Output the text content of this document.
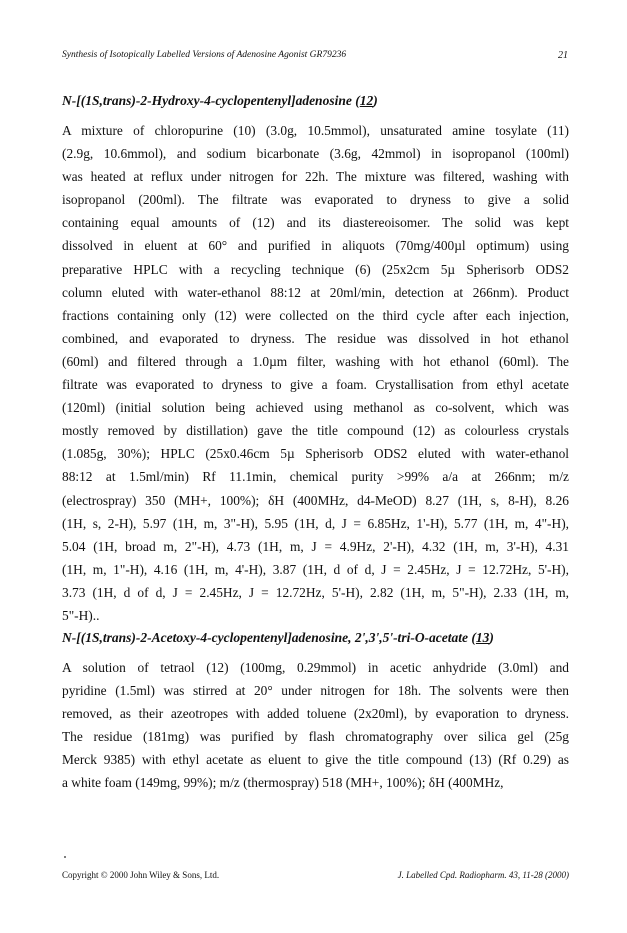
Synthesis of Isotopically Labelled Versions of Adenosine Agonist GR79236	21
N-[(1S,trans)-2-Hydroxy-4-cyclopentenyl]adenosine (12)
A mixture of chloropurine (10) (3.0g, 10.5mmol), unsaturated amine tosylate (11)
(2.9g, 10.6mmol), and sodium bicarbonate (3.6g, 42mmol) in isopropanol (100ml)
was heated at reflux under nitrogen for 22h. The mixture was filtered, washing with
isopropanol (200ml). The filtrate was evaporated to dryness to give a solid
containing equal amounts of (12) and its diastereoisomer. The solid was kept
dissolved in eluent at 60° and purified in aliquots (70mg/400µl optimum) using
preparative HPLC with a recycling technique (6) (25x2cm 5µ Spherisorb ODS2
column eluted with water-ethanol 88:12 at 20ml/min, detection at 266nm). Product
fractions containing only (12) were collected on the third cycle after each injection,
combined, and evaporated to dryness. The residue was dissolved in hot ethanol
(60ml) and filtered through a 1.0µm filter, washing with hot ethanol (60ml). The
filtrate was evaporated to dryness to give a foam. Crystallisation from ethyl acetate
(120ml) (initial solution being achieved using methanol as co-solvent, which was
mostly removed by distillation) gave the title compound (12) as colourless crystals
(1.085g, 30%); HPLC (25x0.46cm 5µ Spherisorb ODS2 eluted with water-ethanol
88:12 at 1.5ml/min) Rf 11.1min, chemical purity >99% a/a at 266nm; m/z
(electrospray) 350 (MH+, 100%); δH (400MHz, d4-MeOD) 8.27 (1H, s, 8-H), 8.26
(1H, s, 2-H), 5.97 (1H, m, 3"-H), 5.95 (1H, d, J = 6.85Hz, 1'-H), 5.77 (1H, m, 4"-H),
5.04 (1H, broad m, 2"-H), 4.73 (1H, m, J = 4.9Hz, 2'-H), 4.32 (1H, m, 3'-H), 4.31
(1H, m, 1"-H), 4.16 (1H, m, 4'-H), 3.87 (1H, d of d, J = 2.45Hz, J = 12.72Hz, 5'-H),
3.73 (1H, d of d, J = 2.45Hz, J = 12.72Hz, 5'-H), 2.82 (1H, m, 5"-H), 2.33 (1H, m,
5"-H)..
N-[(1S,trans)-2-Acetoxy-4-cyclopentenyl]adenosine, 2',3',5'-tri-O-acetate (13)
A solution of tetraol (12) (100mg, 0.29mmol) in acetic anhydride (3.0ml) and
pyridine (1.5ml) was stirred at 20° under nitrogen for 18h. The solvents were then
removed, as their azeotropes with added toluene (2x20ml), by evaporation to dryness.
The residue (181mg) was purified by flash chromatography over silica gel (25g
Merck 9385) with ethyl acetate as eluent to give the title compound (13) (Rf 0.29) as
a white foam (149mg, 99%); m/z (thermospray) 518 (MH+, 100%); δH (400MHz,
Copyright © 2000 John Wiley & Sons, Ltd.	J. Labelled Cpd. Radiopharm. 43, 11-28 (2000)
